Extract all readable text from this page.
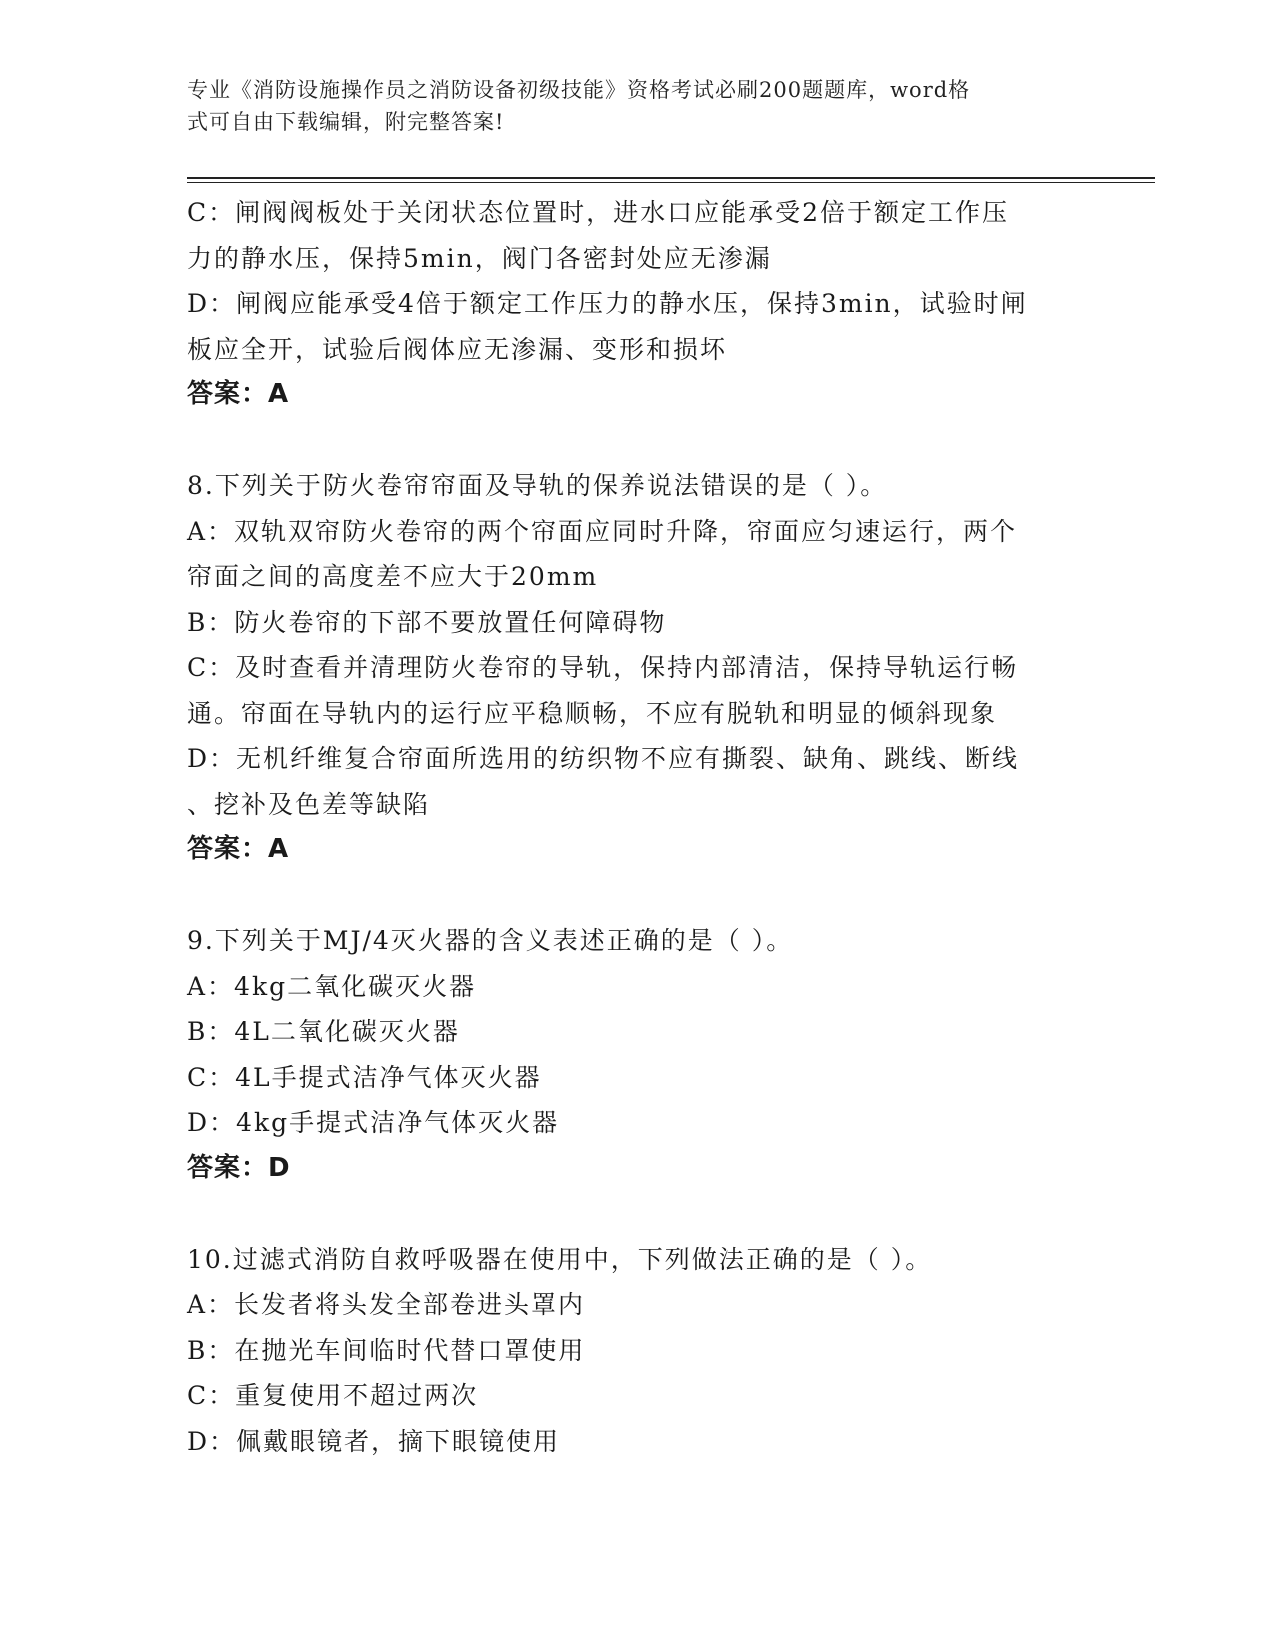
专业《消防设施操作员之消防设备初级技能》资格考试必刷200题题库，word格
式可自由下载编辑，附完整答案!
C：闸阀阀板处于关闭状态位置时，进水口应能承受2倍于额定工作压
力的静水压，保持5min，阀门各密封处应无渗漏
D：闸阀应能承受4倍于额定工作压力的静水压，保持3min，试验时闸
板应全开，试验后阀体应无渗漏、变形和损坏
答案：A
8.下列关于防火卷帘帘面及导轨的保养说法错误的是（ ）。
A：双轨双帘防火卷帘的两个帘面应同时升降，帘面应匀速运行，两个
帘面之间的高度差不应大于20mm
B：防火卷帘的下部不要放置任何障碍物
C：及时查看并清理防火卷帘的导轨，保持内部清洁，保持导轨运行畅
通。帘面在导轨内的运行应平稳顺畅，不应有脱轨和明显的倾斜现象
D：无机纤维复合帘面所选用的纺织物不应有撕裂、缺角、跳线、断线
、挖补及色差等缺陷
答案：A
9.下列关于MJ/4灭火器的含义表述正确的是（ ）。
A：4kg二氧化碳灭火器
B：4L二氧化碳灭火器
C：4L手提式洁净气体灭火器
D：4kg手提式洁净气体灭火器
答案：D
10.过滤式消防自救呼吸器在使用中，下列做法正确的是（ ）。
A：长发者将头发全部卷进头罩内
B：在抛光车间临时代替口罩使用
C：重复使用不超过两次
D：佩戴眼镜者，摘下眼镜使用
